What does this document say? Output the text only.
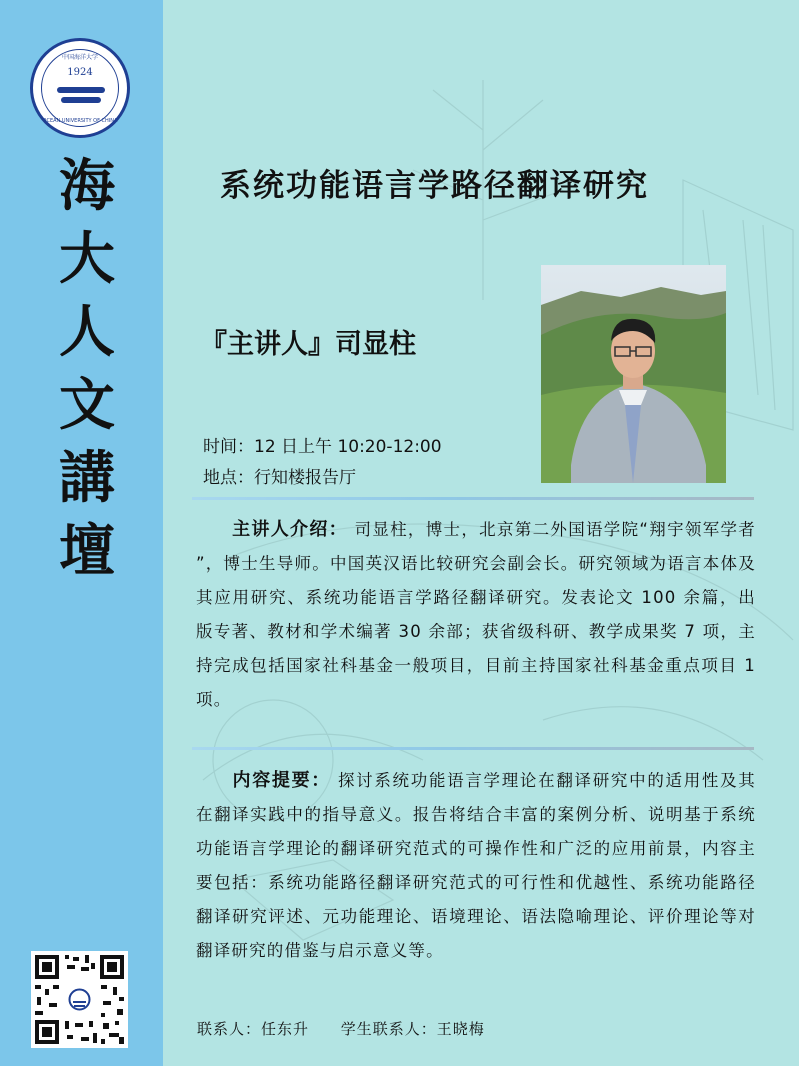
中国海洋大学
1924
OCEAN UNIVERSITY OF CHINA
海
大
人
文
講
壇
系统功能语言学路径翻译研究
『主讲人』司显柱
时间：12 日上午 10:20-12:00
地点：行知楼报告厅
主讲人介绍： 司显柱，博士，北京第二外国语学院“翔宇领军学者 ”，博士生导师。中国英汉语比较研究会副会长。研究领域为语言本体及其应用研究、系统功能语言学路径翻译研究。发表论文 100 余篇，出版专著、教材和学术编著 30 余部；获省级科研、教学成果奖 7 项，主持完成包括国家社科基金一般项目，目前主持国家社科基金重点项目 1 项。
内容提要： 探讨系统功能语言学理论在翻译研究中的适用性及其在翻译实践中的指导意义。报告将结合丰富的案例分析、说明基于系统功能语言学理论的翻译研究范式的可操作性和广泛的应用前景，内容主要包括：系统功能路径翻译研究范式的可行性和优越性、系统功能路径翻译研究评述、元功能理论、语境理论、语法隐喻理论、评价理论等对翻译研究的借鉴与启示意义等。
联系人：任东升 学生联系人：王晓梅
